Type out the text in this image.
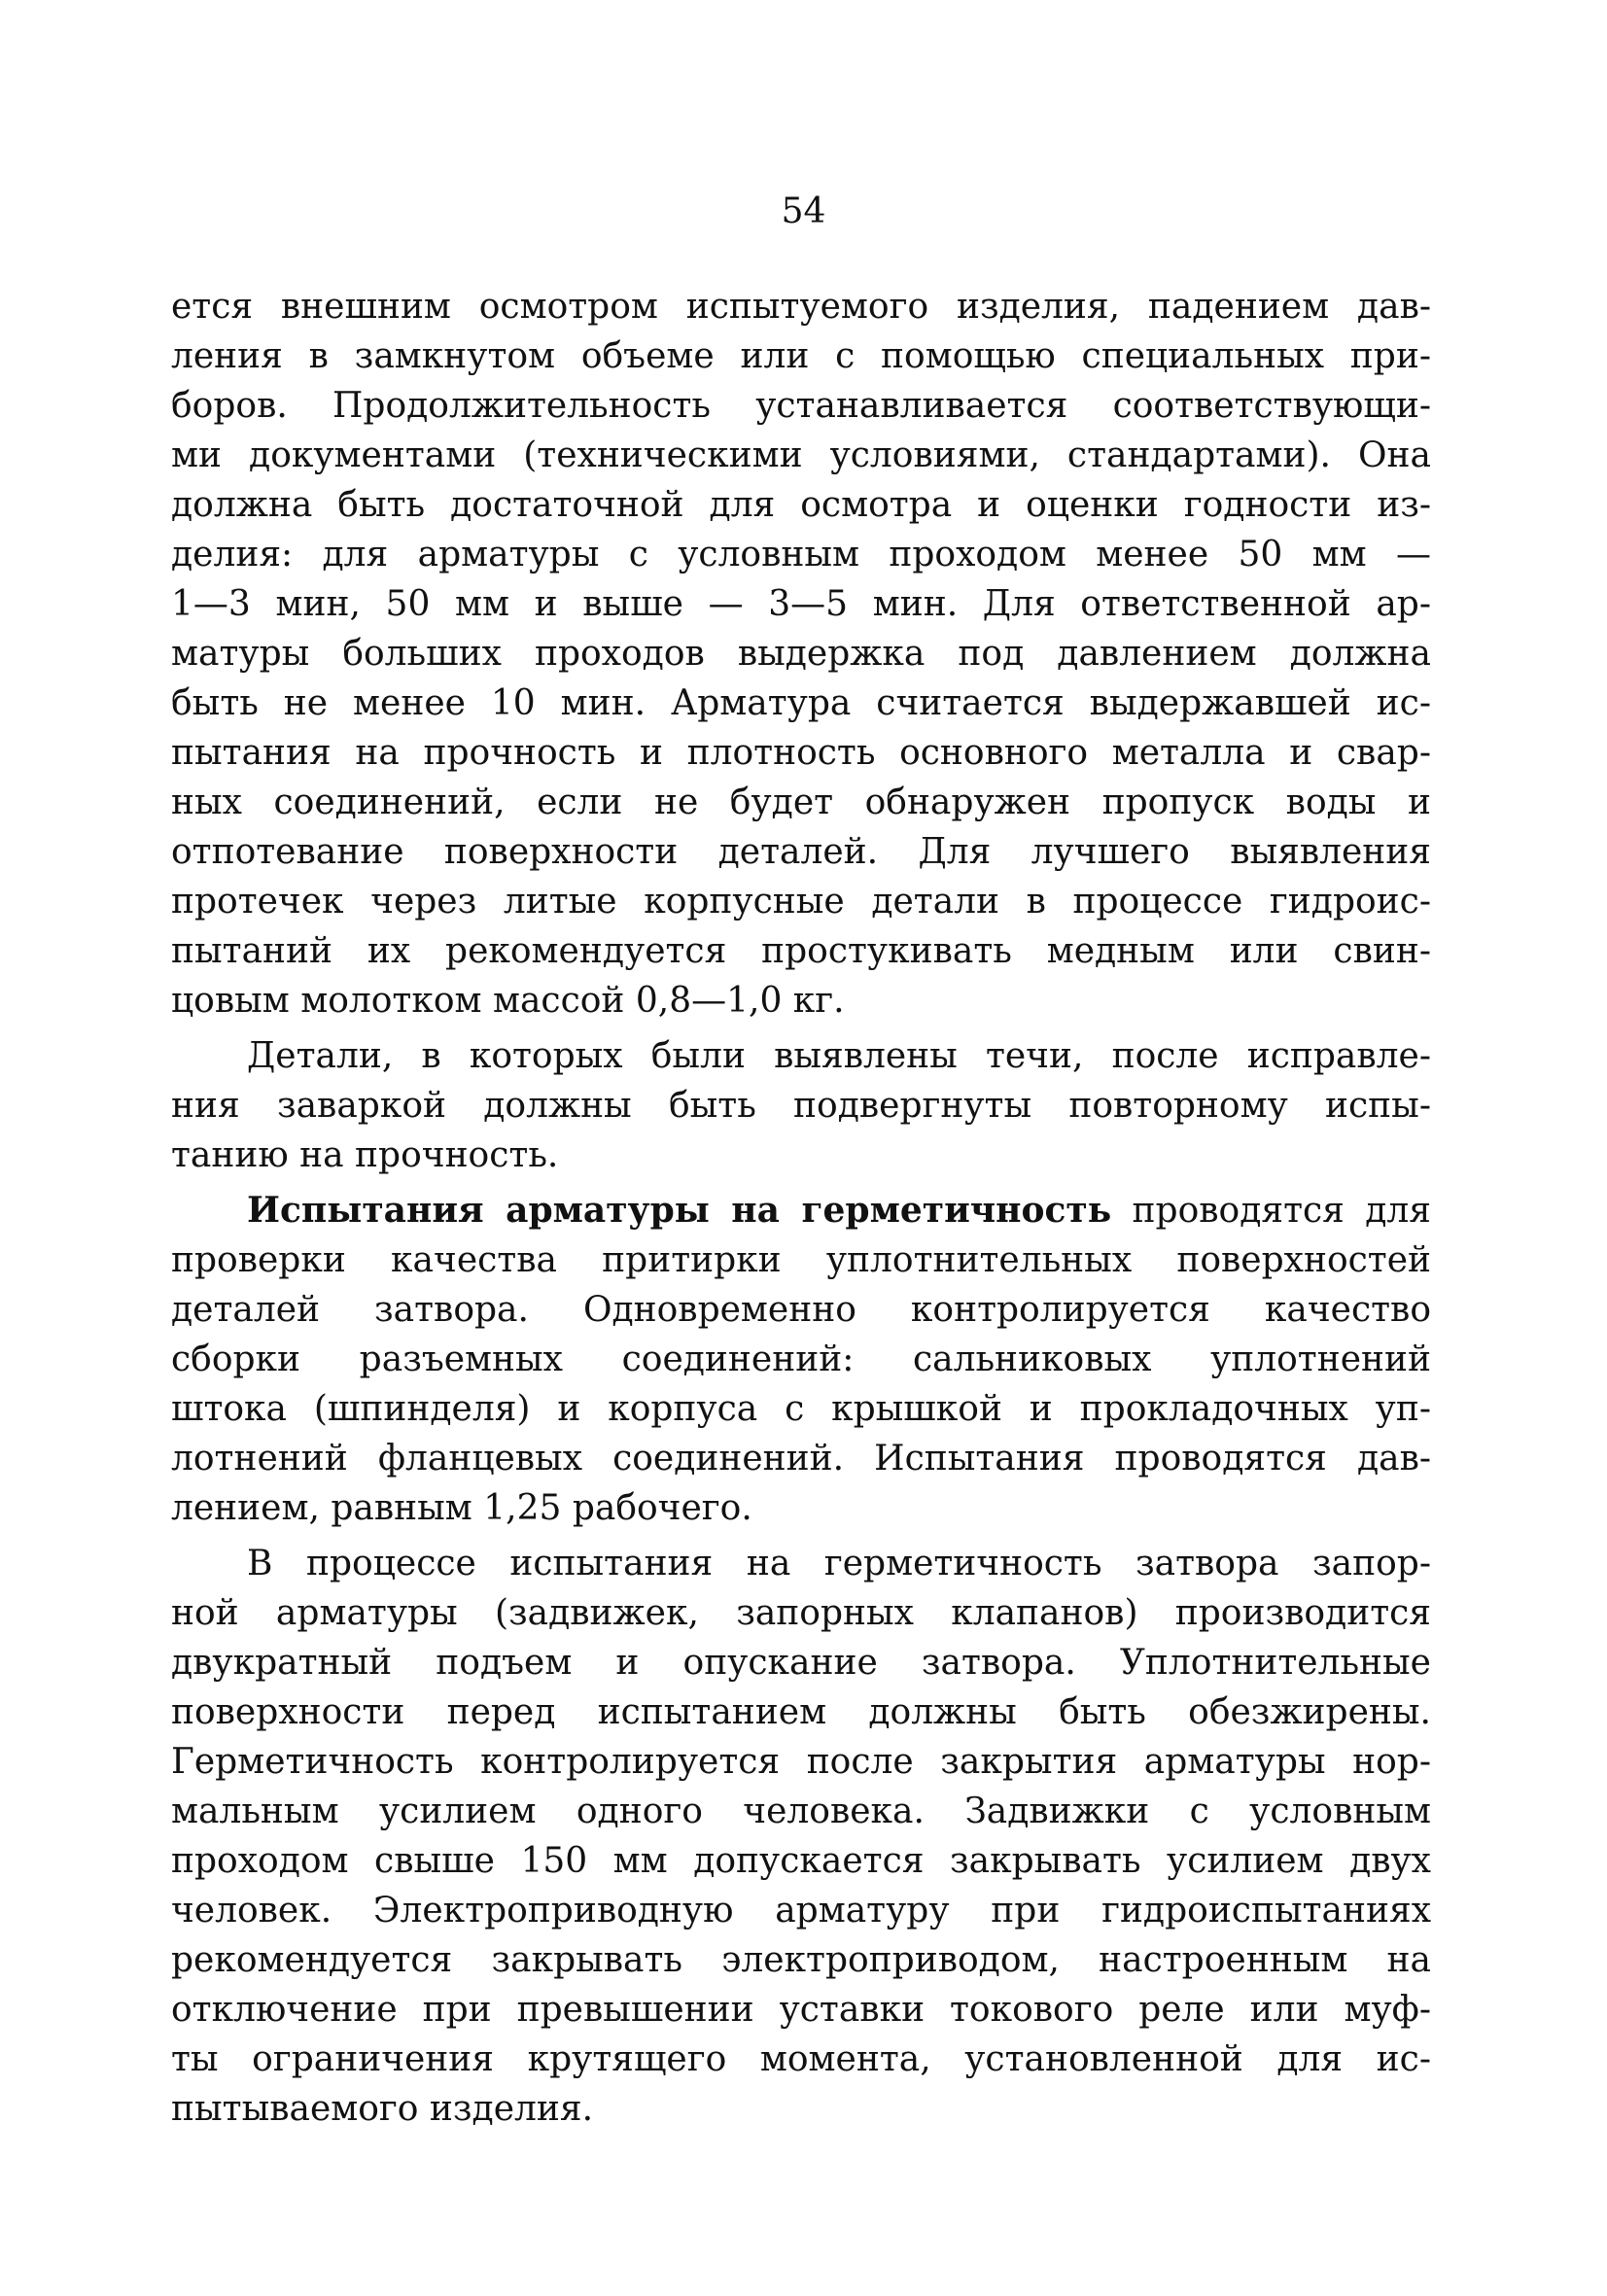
54
ется внешним осмотром испытуемого изделия, падением дав-
ления в замкнутом объеме или с помощью специальных при-
боров. Продолжительность устанавливается соответствующи-
ми документами (техническими условиями, стандартами). Она
должна быть достаточной для осмотра и оценки годности из-
делия: для арматуры с условным проходом менее 50 мм —
1—3 мин, 50 мм и выше — 3—5 мин. Для ответственной ар-
матуры больших проходов выдержка под давлением должна
быть не менее 10 мин. Арматура считается выдержавшей ис-
пытания на прочность и плотность основного металла и свар-
ных соединений, если не будет обнаружен пропуск воды и
отпотевание поверхности деталей. Для лучшего выявления
протечек через литые корпусные детали в процессе гидроис-
пытаний их рекомендуется простукивать медным или свин-
цовым молотком массой 0,8—1,0 кг.
Детали, в которых были выявлены течи, после исправле-
ния заваркой должны быть подвергнуты повторному испы-
танию на прочность.
Испытания арматуры на герметичность проводятся для
проверки качества притирки уплотнительных поверхностей
деталей затвора. Одновременно контролируется качество
сборки разъемных соединений: сальниковых уплотнений
штока (шпинделя) и корпуса с крышкой и прокладочных уп-
лотнений фланцевых соединений. Испытания проводятся дав-
лением, равным 1,25 рабочего.
В процессе испытания на герметичность затвора запор-
ной арматуры (задвижек, запорных клапанов) производится
двукратный подъем и опускание затвора. Уплотнительные
поверхности перед испытанием должны быть обезжирены.
Герметичность контролируется после закрытия арматуры нор-
мальным усилием одного человека. Задвижки с условным
проходом свыше 150 мм допускается закрывать усилием двух
человек. Электроприводную арматуру при гидроиспытаниях
рекомендуется закрывать электроприводом, настроенным на
отключение при превышении уставки токового реле или муф-
ты ограничения крутящего момента, установленной для ис-
пытываемого изделия.
